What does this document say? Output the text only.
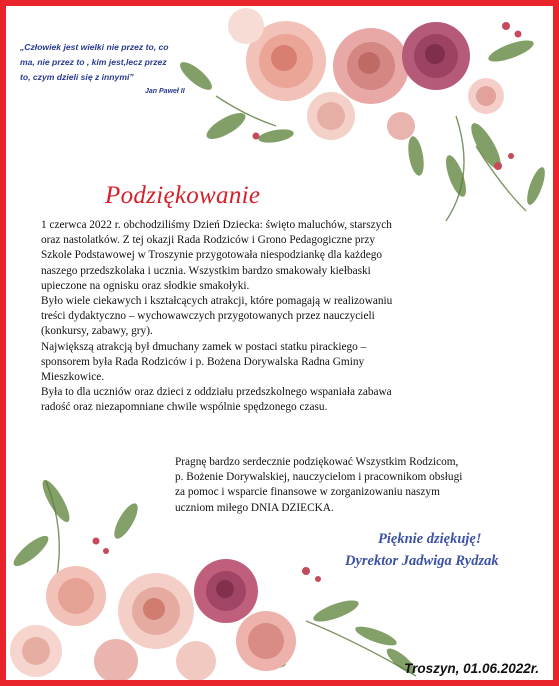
„Człowiek jest wielki nie przez to, co
ma, nie przez to , kim jest,lecz przez
to, czym dzieli się z innymi”
Jan Paweł II
Podziękowanie

1 czerwca 2022 r. obchodziliśmy Dzień Dziecka: święto maluchów, starszych
oraz nastolatków. Z tej okazji Rada Rodziców i Grono Pedagogiczne przy
Szkole Podstawowej w Troszynie przygotowała niespodziankę dla każdego
naszego przedszkolaka i ucznia. Wszystkim bardzo smakowały kiełbaski
upieczone na ognisku oraz słodkie smakołyki.

Było wiele ciekawych i kształcących atrakcji, które pomagają w realizowaniu
treści dydaktyczno – wychowawczych przygotowanych przez nauczycieli
(konkursy, zabawy, gry).

Największą atrakcją był dmuchany zamek w postaci statku pirackiego –
sponsorem była Rada Rodziców i p. Bożena Dorywalska Radna Gminy
Mieszkowice.

Była to dla uczniów oraz dzieci z oddziału przedszkolnego wspaniała zabawa
radość oraz niezapomniane chwile wspólnie spędzonego czasu.

Pragnę bardzo serdecznie podziękować Wszystkim Rodzicom,
p. Bożenie Dorywalskiej, nauczycielom i pracownikom obsługi
za pomoc i wsparcie finansowe w zorganizowaniu naszym
uczniom miłego DNIA DZIECKA.
Pięknie dziękuję!
Dyrektor Jadwiga Rydzak
Troszyn, 01.06.2022r.
